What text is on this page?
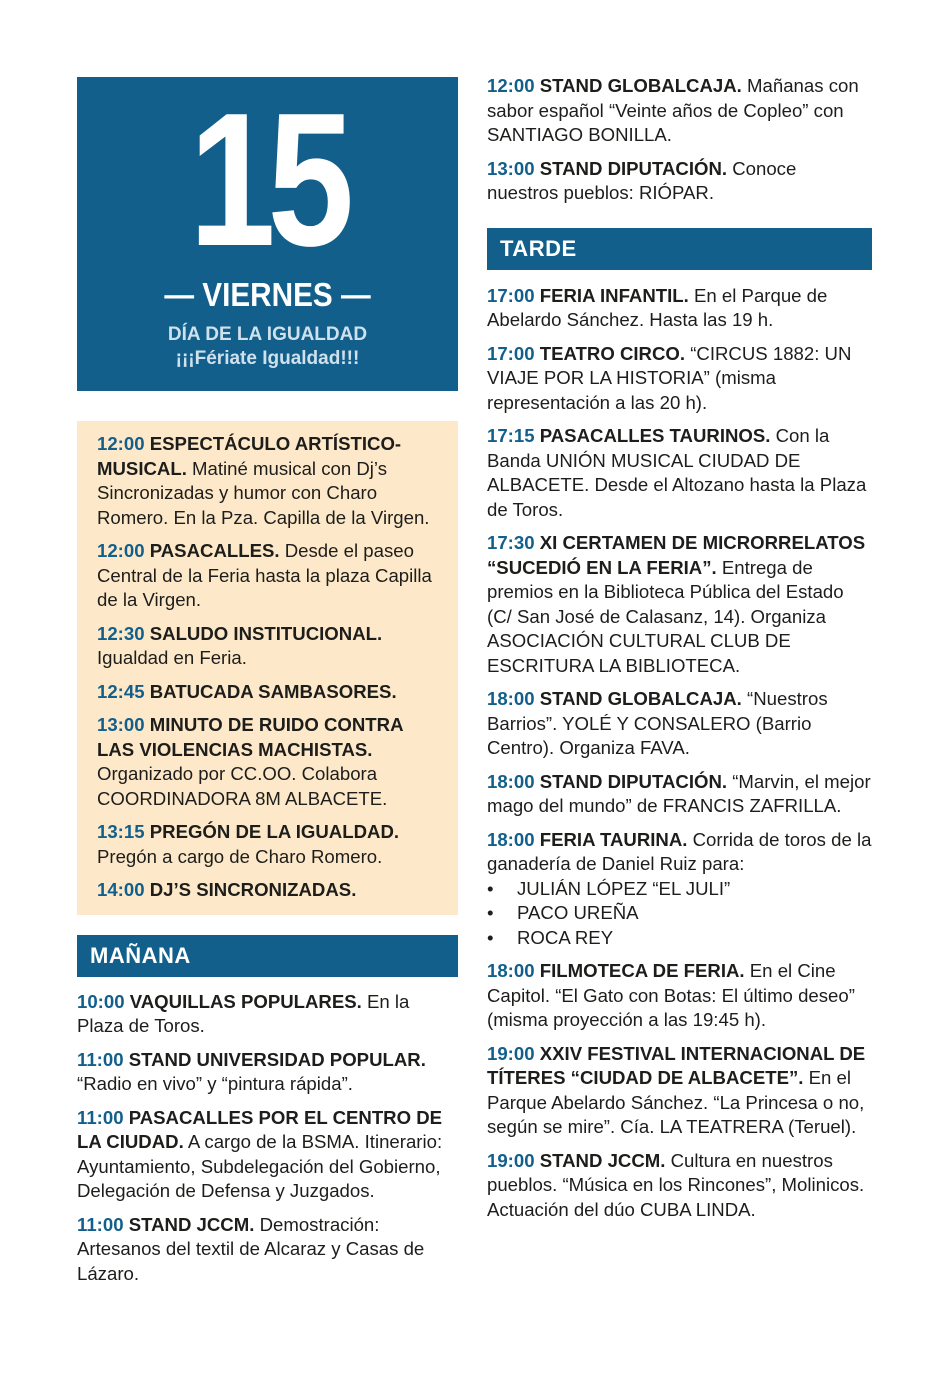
15
— VIERNES —
DÍA DE LA IGUALDAD
¡¡¡Fériate Igualdad!!!
12:00 ESPECTÁCULO ARTÍSTICO-MUSICAL. Matiné musical con Dj’s Sincronizadas y humor con Charo Romero. En la Pza. Capilla de la Virgen.
12:00 PASACALLES. Desde el paseo Central de la Feria hasta la plaza Capilla de la Virgen.
12:30 SALUDO INSTITUCIONAL. Igualdad en Feria.
12:45 BATUCADA SAMBASORES.
13:00 MINUTO DE RUIDO CONTRA LAS VIOLENCIAS MACHISTAS. Organizado por CC.OO. Colabora COORDINADORA 8M ALBACETE.
13:15 PREGÓN DE LA IGUALDAD. Pregón a cargo de Charo Romero.
14:00 DJ’S SINCRONIZADAS.
MAÑANA
10:00 VAQUILLAS POPULARES. En la Plaza de Toros.
11:00 STAND UNIVERSIDAD POPULAR. “Radio en vivo” y “pintura rápida”.
11:00 PASACALLES POR EL CENTRO DE LA CIUDAD. A cargo de la BSMA. Itinerario: Ayuntamiento, Subdelegación del Gobierno, Delegación de Defensa y Juzgados.
11:00 STAND JCCM. Demostración: Artesanos del textil de Alcaraz y Casas de Lázaro.
12:00 STAND GLOBALCAJA. Mañanas con sabor español “Veinte años de Copleo” con SANTIAGO BONILLA.
13:00 STAND DIPUTACIÓN. Conoce nuestros pueblos: RIÓPAR.
TARDE
17:00 FERIA INFANTIL. En el Parque de Abelardo Sánchez. Hasta las 19 h.
17:00 TEATRO CIRCO. “CIRCUS 1882: UN VIAJE POR LA HISTORIA” (misma representación a las 20 h).
17:15 PASACALLES TAURINOS. Con la Banda UNIÓN MUSICAL CIUDAD DE ALBACETE. Desde el Altozano hasta la Plaza de Toros.
17:30 XI CERTAMEN DE MICRORRELATOS “SUCEDIÓ EN LA FERIA”. Entrega de premios en la Biblioteca Pública del Estado (C/ San José de Calasanz, 14). Organiza ASOCIACIÓN CULTURAL CLUB DE ESCRITURA LA BIBLIOTECA.
18:00 STAND GLOBALCAJA. “Nuestros Barrios”. YOLÉ Y CONSALERO (Barrio Centro). Organiza FAVA.
18:00 STAND DIPUTACIÓN. “Marvin, el mejor mago del mundo” de FRANCIS ZAFRILLA.
18:00 FERIA TAURINA. Corrida de toros de la ganadería de Daniel Ruiz para:
• JULIÁN LÓPEZ “EL JULI”
• PACO UREÑA
• ROCA REY
18:00 FILMOTECA DE FERIA. En el Cine Capitol. “El Gato con Botas: El último deseo” (misma proyección a las 19:45 h).
19:00 XXIV FESTIVAL INTERNACIONAL DE TÍTERES “CIUDAD DE ALBACETE”. En el Parque Abelardo Sánchez. “La Princesa o no, según se mire”. Cía. LA TEATRERA (Teruel).
19:00 STAND JCCM. Cultura en nuestros pueblos. “Música en los Rincones”, Molinicos. Actuación del dúo CUBA LINDA.
